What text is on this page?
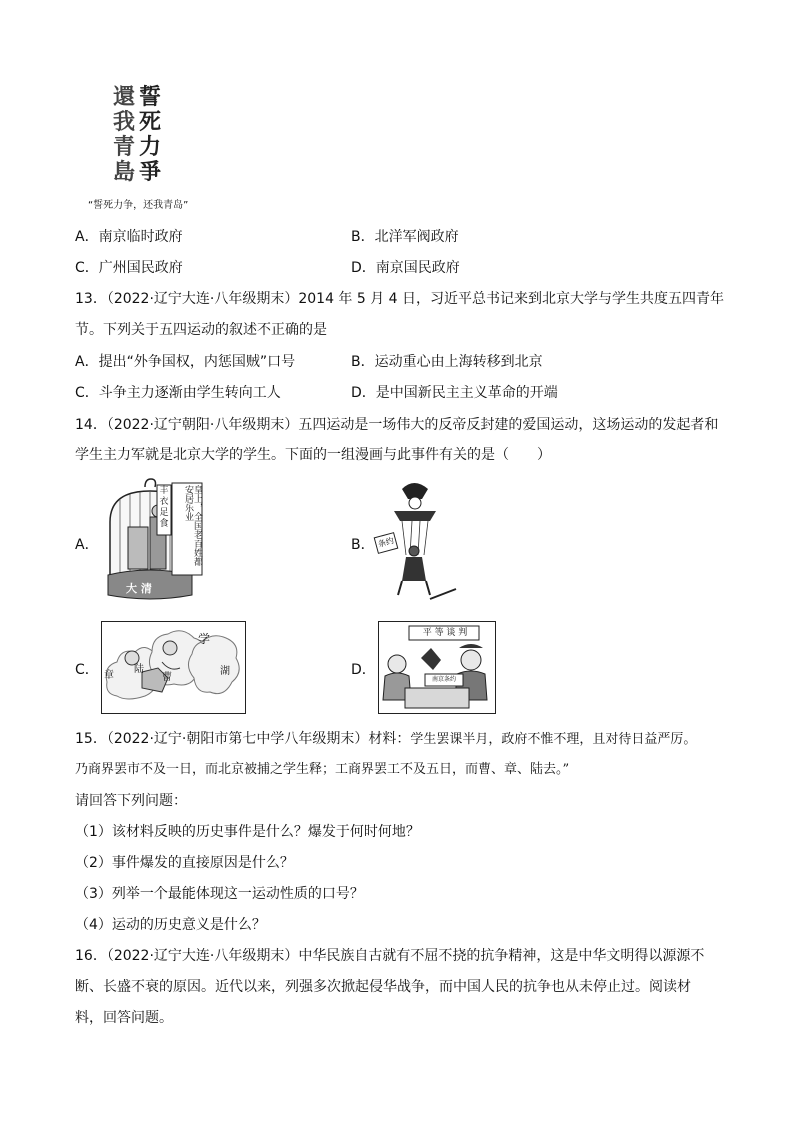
還我青島
誓死力爭
“誓死力争，还我青岛”
A．南京临时政府	B．北洋军阀政府
C．广州国民政府	D．南京国民政府
13．（2022·辽宁大连·八年级期末）2014 年 5 月 4 日，习近平总书记来到北京大学与学生共度五四青年
节。下列关于五四运动的叙述不正确的是
A．提出“外争国权，内惩国贼”口号	B．运动重心由上海转移到北京
C．斗争主力逐渐由学生转向工人	D．是中国新民主主义革命的开端
14．（2022·辽宁朝阳·八年级期末）五四运动是一场伟大的反帝反封建的爱国运动，这场运动的发起者和
学生主力军就是北京大学的学生。下面的一组漫画与此事件有关的是（　　）
A．
丰衣足食	皇上，全国老百姓都安居乐业
大 清
B． 条约
C． 章
陆
曹
学
湖	D．
平 等 谈 判
南京条约
15．（2022·辽宁·朝阳市第七中学八年级期末）材料：学生罢课半月，政府不惟不理，且对待日益严厉。
乃商界罢市不及一日，而北京被捕之学生释；工商界罢工不及五日，而曹、章、陆去。”
请回答下列问题：
（1）该材料反映的历史事件是什么？爆发于何时何地？
（2）事件爆发的直接原因是什么？
（3）列举一个最能体现这一运动性质的口号？
（4）运动的历史意义是什么？
16．（2022·辽宁大连·八年级期末）中华民族自古就有不屈不挠的抗争精神，这是中华文明得以源源不
断、长盛不衰的原因。近代以来，列强多次掀起侵华战争，而中国人民的抗争也从未停止过。阅读材
料，回答问题。
